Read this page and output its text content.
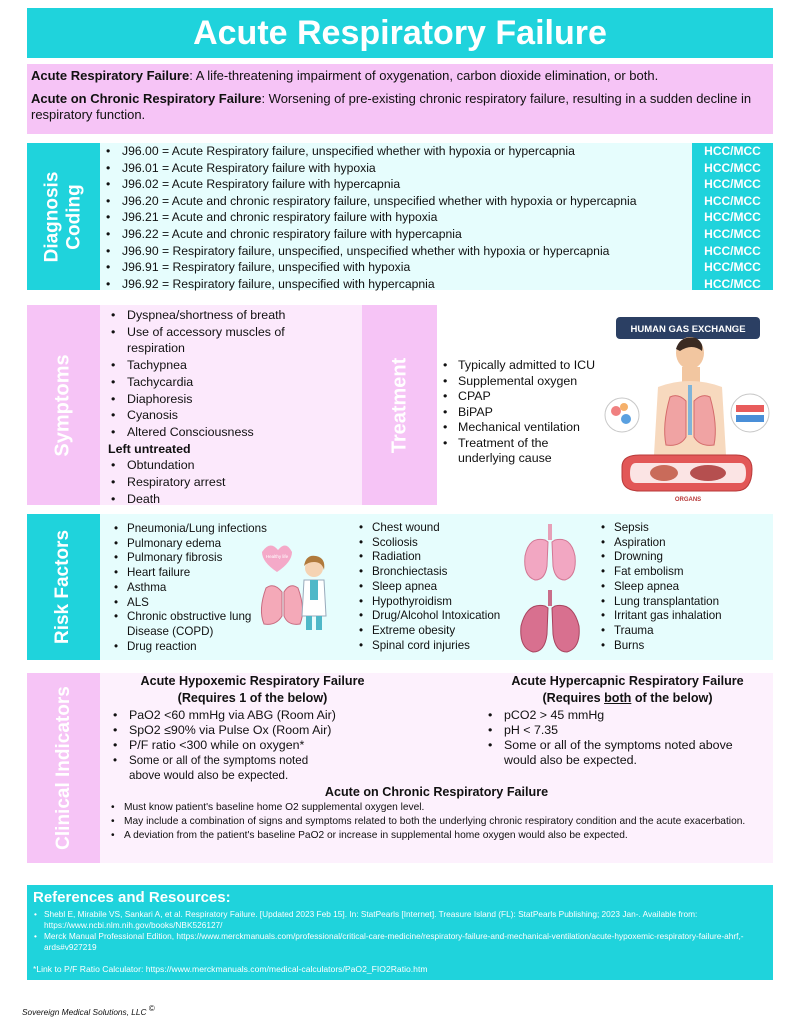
Acute Respiratory Failure

Acute Respiratory Failure: A life-threatening impairment of oxygenation, carbon dioxide elimination, or both.

Acute on Chronic Respiratory Failure: Worsening of pre-existing chronic respiratory failure, resulting in a sudden decline in respiratory function.

Diagnosis Coding
• J96.00 = Acute Respiratory failure, unspecified whether with hypoxia or hypercapnia
• J96.01 = Acute Respiratory failure with hypoxia
• J96.02 = Acute Respiratory failure with hypercapnia
• J96.20 = Acute and chronic respiratory failure, unspecified whether with hypoxia or hypercapnia
• J96.21 = Acute and chronic respiratory failure with hypoxia
• J96.22 = Acute and chronic respiratory failure with hypercapnia
• J96.90 = Respiratory failure, unspecified, unspecified whether with hypoxia or hypercapnia
• J96.91 = Respiratory failure, unspecified with hypoxia
• J96.92 = Respiratory failure, unspecified with hypercapnia
HCC/MCC
HCC/MCC
HCC/MCC
HCC/MCC
HCC/MCC
HCC/MCC
HCC/MCC
HCC/MCC
HCC/MCC
Symptoms
• Dyspnea/shortness of breath
• Use of accessory muscles of respiration
• Tachypnea
• Tachycardia
• Diaphoresis
• Cyanosis
• Altered Consciousness
Left untreated
• Obtundation
• Respiratory arrest
• Death
Treatment
•	Typically admitted to ICU
• Supplemental oxygen
• CPAP
• BiPAP
• Mechanical ventilation
• Treatment of the underlying cause
HUMAN GAS EXCHANGE
ORGANS
Risk Factors
• Pneumonia/Lung infections
• Pulmonary edema
• Pulmonary fibrosis
• Heart failure
• Asthma
• ALS
• Chronic obstructive lung Disease (COPD)
• Drug reaction
Healthy life
• Chest wound
• Scoliosis
• Radiation
• Bronchiectasis
• Sleep apnea
• Hypothyroidism
• Drug/Alcohol Intoxication
• Extreme obesity
• Spinal cord injuries
• Sepsis
• Aspiration
• Drowning
• Fat embolism
• Sleep apnea
• Lung transplantation
• Irritant gas inhalation
• Trauma
• Burns
Clinical Indicators
Acute Hypoxemic Respiratory Failure
(Requires 1 of the below)
• PaO2 <60 mmHg via ABG (Room Air)
• SpO2 ≤90% via Pulse Ox (Room Air)
• P/F ratio <300 while on oxygen*
• Some or all of the symptoms noted above would also be expected.
Acute Hypercapnic Respiratory Failure
(Requires both of the below)
• pCO2 > 45 mmHg
• pH < 7.35
• Some or all of the symptoms noted above would also be expected.
Acute on Chronic Respiratory Failure
• Must know patient's baseline home O2 supplemental oxygen level.
• May include a combination of signs and symptoms related to both the underlying chronic respiratory condition and the acute exacerbation.
• A deviation from the patient's baseline PaO2 or increase in supplemental home oxygen would also be expected.
References and Resources:
• Shebl E, Mirabile VS, Sankari A, et al. Respiratory Failure. [Updated 2023 Feb 15]. In: StatPearls [Internet]. Treasure Island (FL): StatPearls Publishing; 2023 Jan-. Available from: https://www.ncbi.nlm.nih.gov/books/NBK526127/
• Merck Manual Professional Edition, https://www.merckmanuals.com/professional/critical-care-medicine/respiratory-failure-and-mechanical-ventilation/acute-hypoxemic-respiratory-failure-ahrf,-ards#v927219
*Link to P/F Ratio Calculator: https://www.merckmanuals.com/medical-calculators/PaO2_FIO2Ratio.htm
Sovereign Medical Solutions, LLC ©
